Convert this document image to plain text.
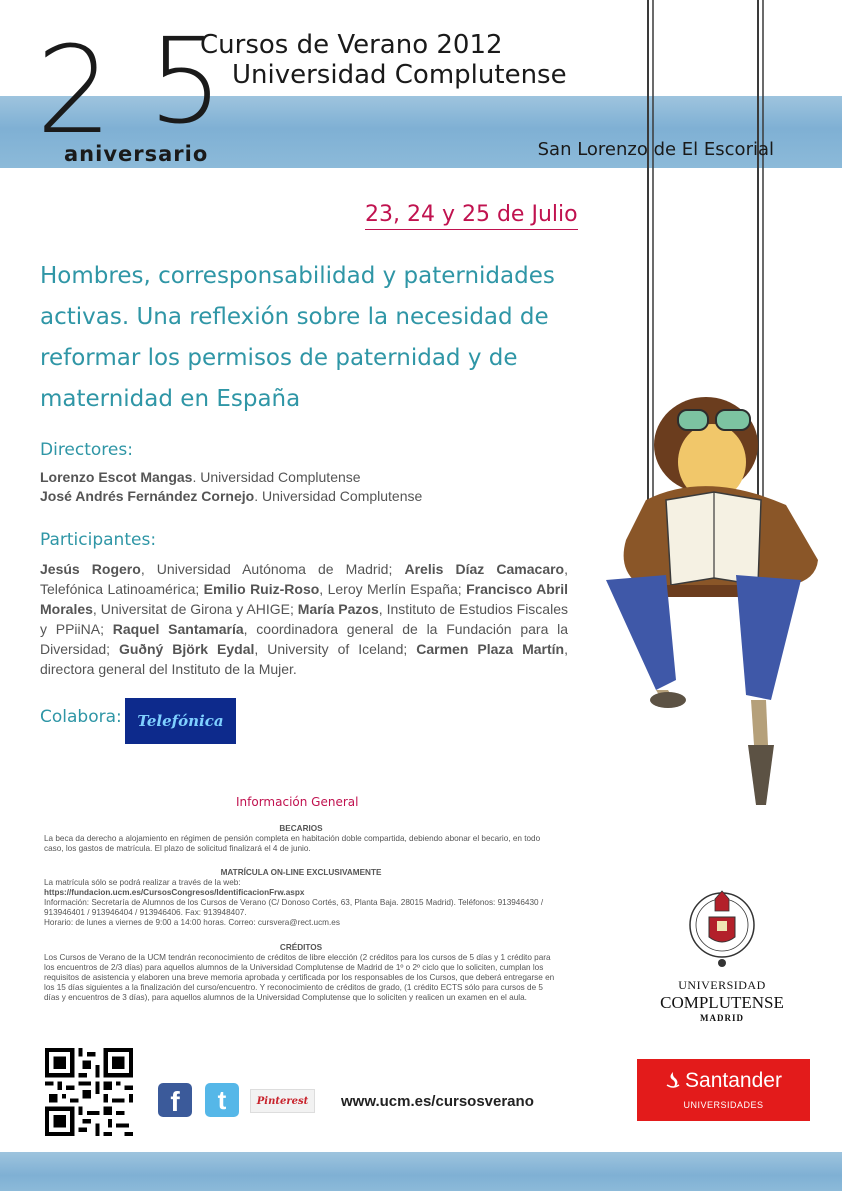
2 5
aniversario
Cursos de Verano 2012
Universidad Complutense
San Lorenzo de El Escorial
23, 24 y 25 de Julio
Hombres, corresponsabilidad y paternidades activas. Una reflexión sobre la necesidad de reformar los permisos de paternidad y de maternidad en España
Directores:
Lorenzo Escot Mangas. Universidad Complutense
José Andrés Fernández Cornejo. Universidad Complutense
Participantes:
Jesús Rogero, Universidad Autónoma de Madrid; Arelis Díaz Camacaro, Telefónica Latinoamérica; Emilio Ruiz-Roso, Leroy Merlín España; Francisco Abril Morales, Universitat de Girona y AHIGE; María Pazos, Instituto de Estudios Fiscales y PPiiNA; Raquel Santamaría, coordinadora general de la Fundación para la Diversidad; Guðný Björk Eydal, University of Iceland; Carmen Plaza Martín, directora general del Instituto de la Mujer.
Colabora: Telefónica
Información General
BECARIOS
La beca da derecho a alojamiento en régimen de pensión completa en habitación doble compartida, debiendo abonar el becario, en todo caso, los gastos de matrícula. El plazo de solicitud finalizará el 4 de junio.
MATRÍCULA ON-LINE EXCLUSIVAMENTE
La matrícula sólo se podrá realizar a través de la web:
https://fundacion.ucm.es/CursosCongresos/IdentificacionFrw.aspx
Información: Secretaría de Alumnos de los Cursos de Verano (C/ Donoso Cortés, 63, Planta Baja. 28015 Madrid). Teléfonos: 913946430 / 913946401 / 913946404 / 913946406. Fax: 913948407.
Horario: de lunes a viernes de 9:00 a 14:00 horas. Correo: cursvera@rect.ucm.es
CRÉDITOS
Los Cursos de Verano de la UCM tendrán reconocimiento de créditos de libre elección (2 créditos para los cursos de 5 días y 1 crédito para los encuentros de 2/3 días) para aquellos alumnos de la Universidad Complutense de Madrid de 1º o 2º ciclo que lo soliciten, cumplan los requisitos de asistencia y elaboren una breve memoria aprobada y certificada por los responsables de los Cursos, que deberá entregarse en los 15 días siguientes a la finalización del curso/encuentro. Y reconocimiento de créditos de grado, (1 crédito ECTS sólo para cursos de 5 días y encuentros de 3 días), para aquellos alumnos de la Universidad Complutense que lo soliciten y realicen un examen en el aula.
UNIVERSIDAD
COMPLUTENSE
MADRID
f	t	Pinterest	www.ucm.es/cursosverano
Santander
UNIVERSIDADES
